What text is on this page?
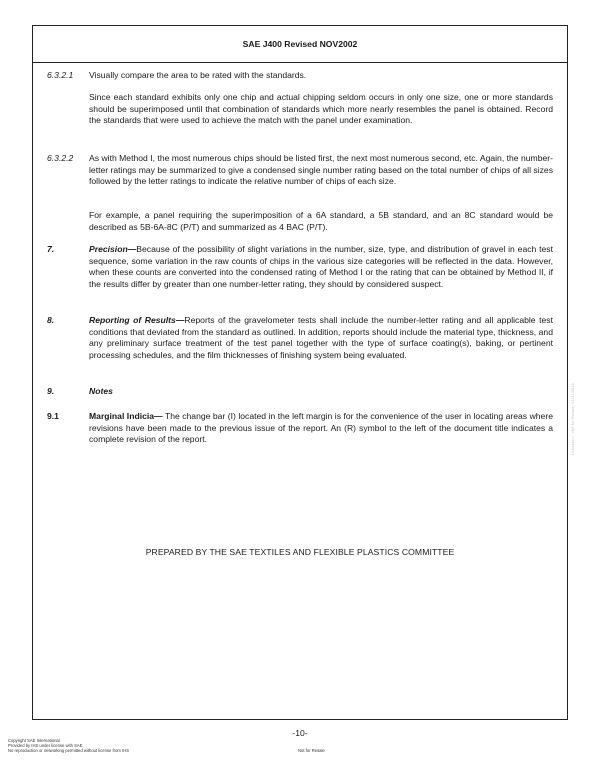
SAE J400 Revised NOV2002
6.3.2.1 Visually compare the area to be rated with the standards.

Since each standard exhibits only one chip and actual chipping seldom occurs in only one size, one or more standards should be superimposed until that combination of standards which more nearly resembles the panel is obtained. Record the standards that were used to achieve the match with the panel under examination.

6.3.2.2 As with Method I, the most numerous chips should be listed first, the next most numerous second, etc. Again, the number-letter ratings may be summarized to give a condensed single number rating based on the total number of chips of all sizes followed by the letter ratings to indicate the relative number of chips of each size.

For example, a panel requiring the superimposition of a 6A standard, a 5B standard, and an 8C standard would be described as 5B-6A-8C (P/T) and summarized as 4 BAC (P/T).

7.	Precision—Because of the possibility of slight variations in the number, size, type, and distribution of gravel in each test sequence, some variation in the raw counts of chips in the various size categories will be reflected in the data. However, when these counts are converted into the condensed rating of Method I or the rating that can be obtained by Method II, if the results differ by greater than one number-letter rating, they should by considered suspect.

8.	Reporting of Results—Reports of the gravelometer tests shall include the number-letter rating and all applicable test conditions that deviated from the standard as outlined. In addition, reports should include the material type, thickness, and any preliminary surface treatment of the test panel together with the type of surface coating(s), baking, or pertinent processing schedules, and the film thicknesses of finishing system being evaluated.

9.	Notes

9.1	Marginal Indicia— The change bar (I) located in the left margin is for the convenience of the user in locating areas where revisions have been made to the previous issue of the report. An (R) symbol to the left of the document title indicates a complete revision of the report.

PREPARED BY THE SAE TEXTILES AND FLEXIBLE PLASTICS COMMITTEE
-10-
Copyright SAE International
Provided by IHS under license with SAE
No reproduction or networking permitted without license from IHS	Not for Resale
Licensee=...Not for Resale, 01/21/2010
